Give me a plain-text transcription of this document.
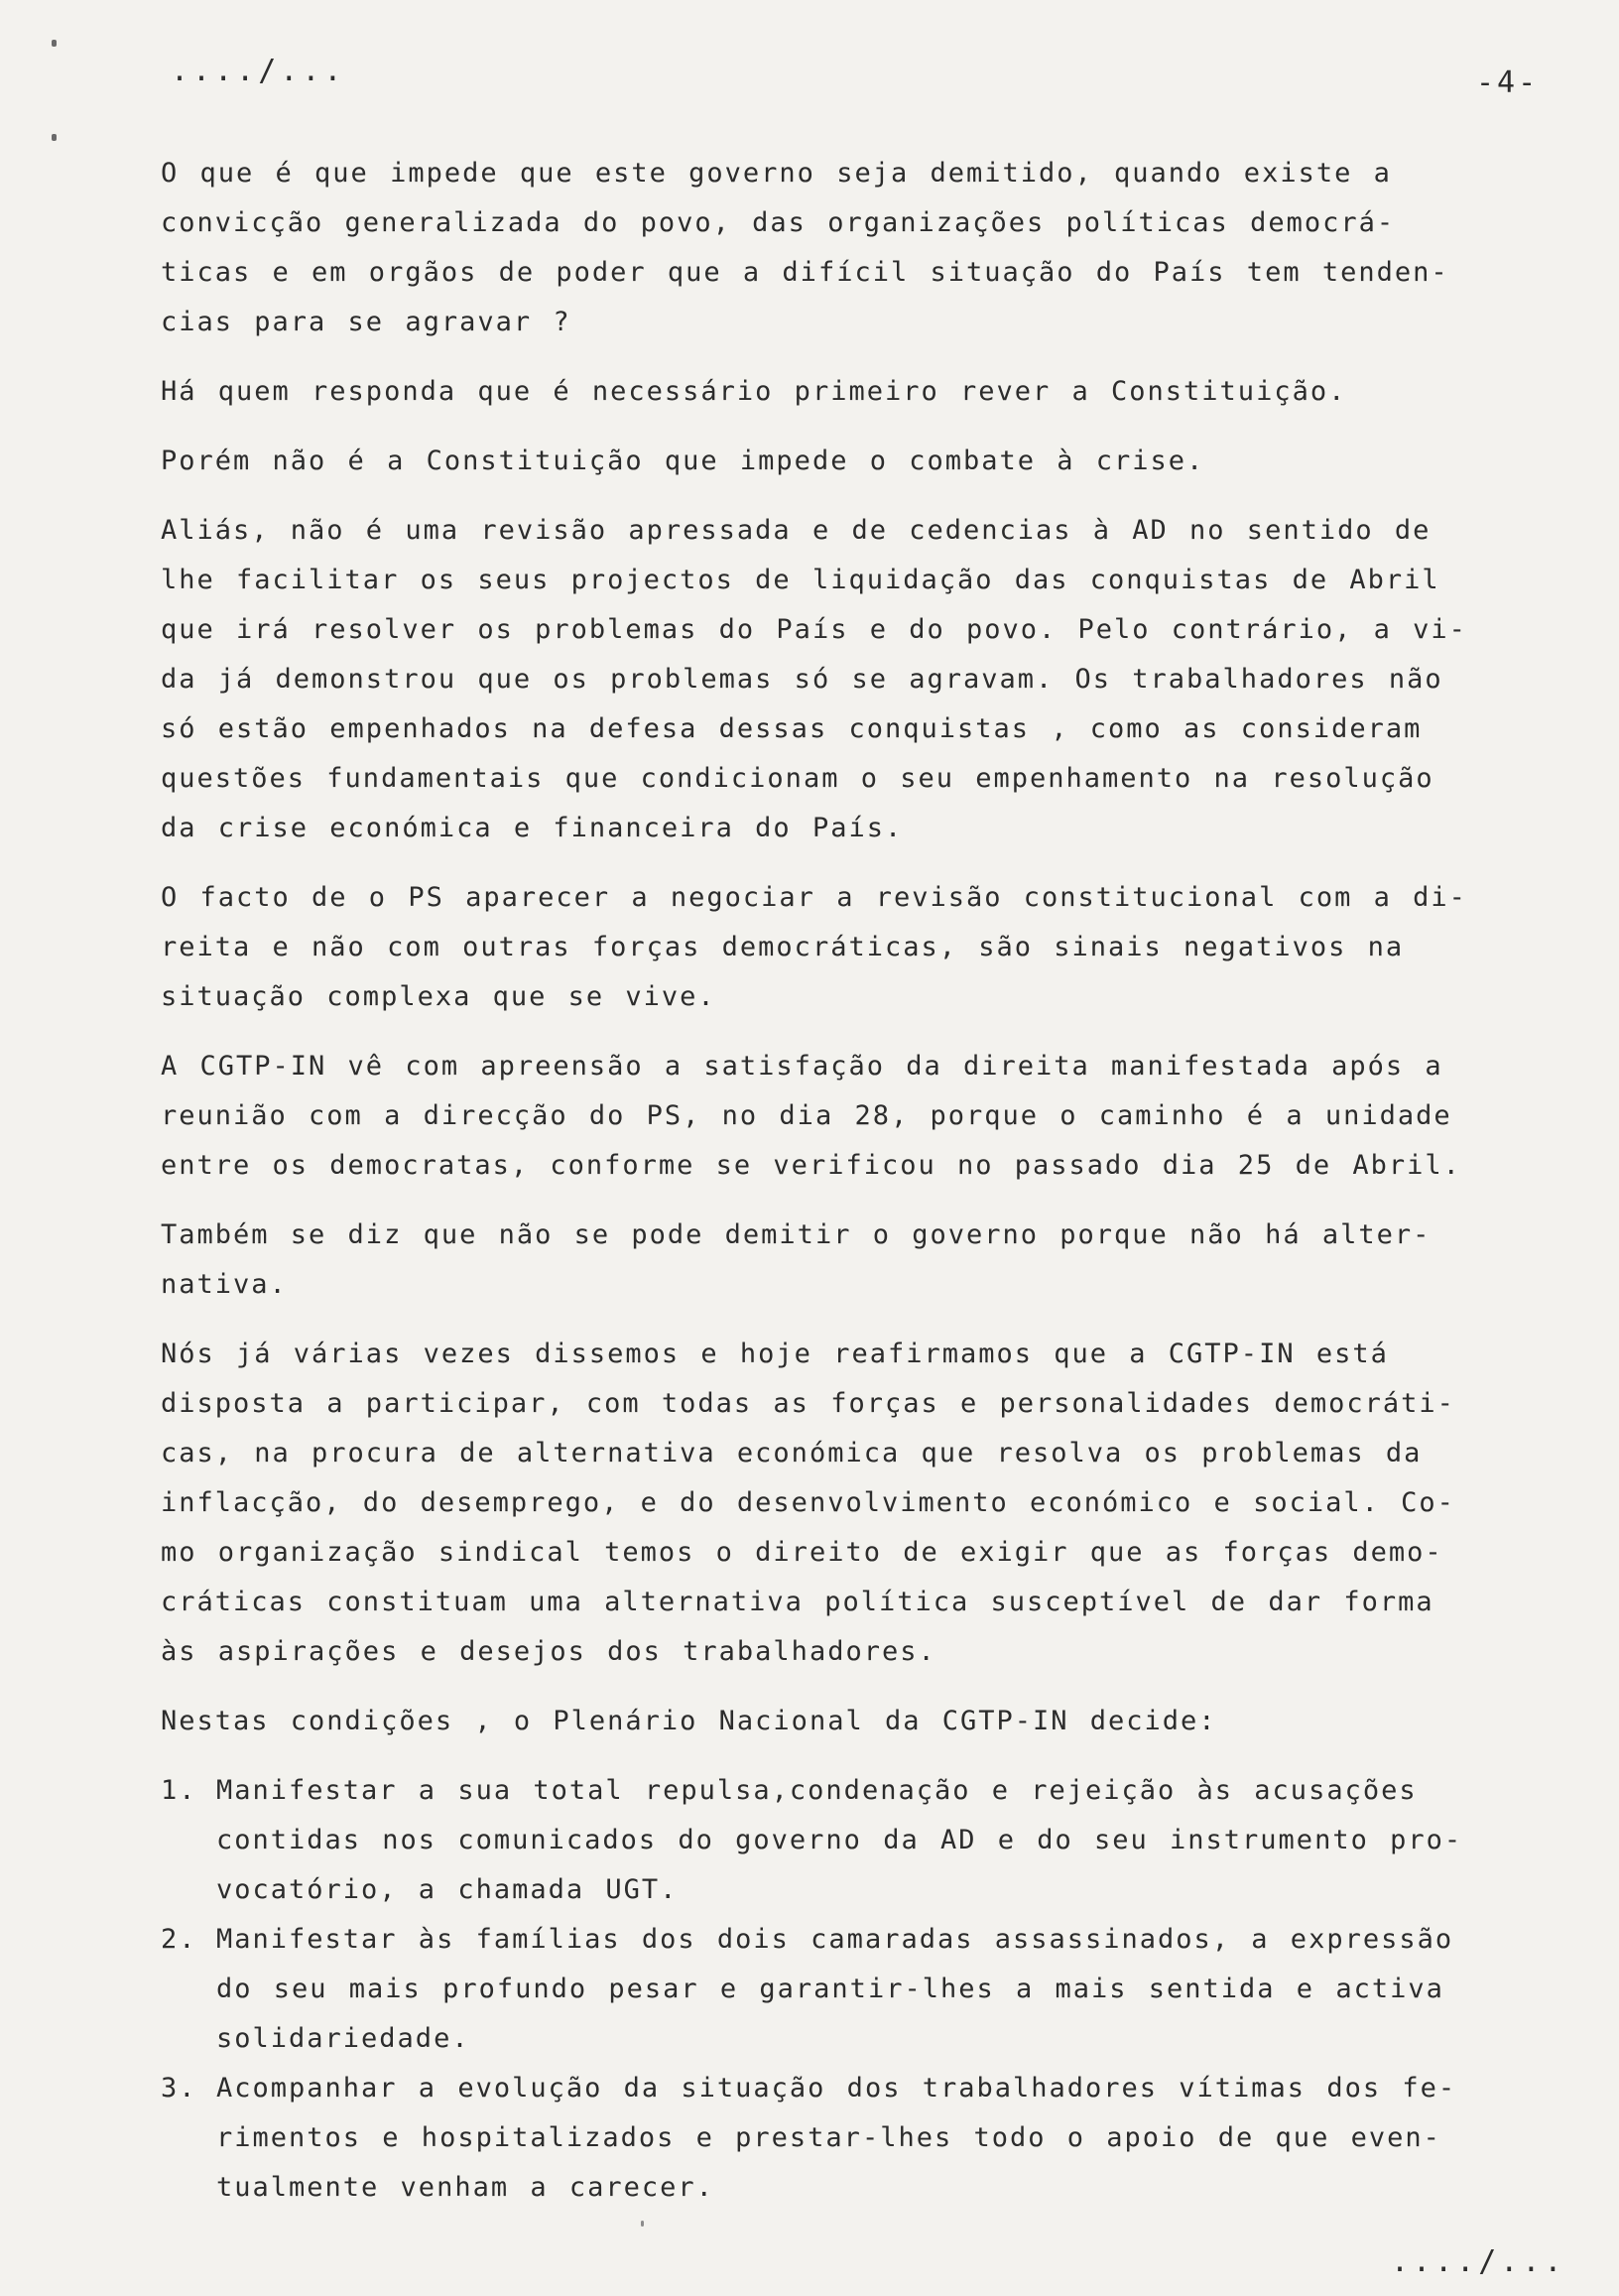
..../...	-4-
O que é que impede que este governo seja demitido, quando existe a
convicção generalizada do povo, das organizações políticas democrá-
ticas e em orgãos de poder que a difícil situação do País tem tenden-
cias para se agravar ?
Há quem responda que é necessário primeiro rever a Constituição.
Porém não é a Constituição que impede o combate à crise.
Aliás, não é uma revisão apressada e de cedencias à AD no sentido de
lhe facilitar os seus projectos de liquidação das conquistas de Abril
que irá resolver os problemas do País e do povo. Pelo contrário, a vi-
da já demonstrou que os problemas só se agravam. Os trabalhadores não
só estão empenhados na defesa dessas conquistas , como as consideram
questões fundamentais que condicionam o seu empenhamento na resolução
da crise económica e financeira do País.
O facto de o PS aparecer a negociar a revisão constitucional com a di-
reita e não com outras forças democráticas, são sinais negativos na
situação complexa que se vive.
A CGTP-IN vê com apreensão a satisfação da direita manifestada após a
reunião com a direcção do PS, no dia 28, porque o caminho é a unidade
entre os democratas, conforme se verificou no passado dia 25 de Abril.
Também se diz que não se pode demitir o governo porque não há alter-
nativa.
Nós já várias vezes dissemos e hoje reafirmamos que a CGTP-IN está
disposta a participar, com todas as forças e personalidades democráti-
cas, na procura de alternativa económica que resolva os problemas da
inflacção, do desemprego, e do desenvolvimento económico e social. Co-
mo organização sindical temos o direito de exigir que as forças demo-
cráticas constituam uma alternativa política susceptível de dar forma
às aspirações e desejos dos trabalhadores.
Nestas condições , o Plenário Nacional da CGTP-IN decide:
1. Manifestar a sua total repulsa,condenação e rejeição às acusações
contidas nos comunicados do governo da AD e do seu instrumento pro-
vocatório, a chamada UGT.
2. Manifestar às famílias dos dois camaradas assassinados, a expressão
do seu mais profundo pesar e garantir-lhes a mais sentida e activa
solidariedade.
3. Acompanhar a evolução da situação dos trabalhadores vítimas dos fe-
rimentos e hospitalizados e prestar-lhes todo o apoio de que even-
tualmente venham a carecer.
..../...
